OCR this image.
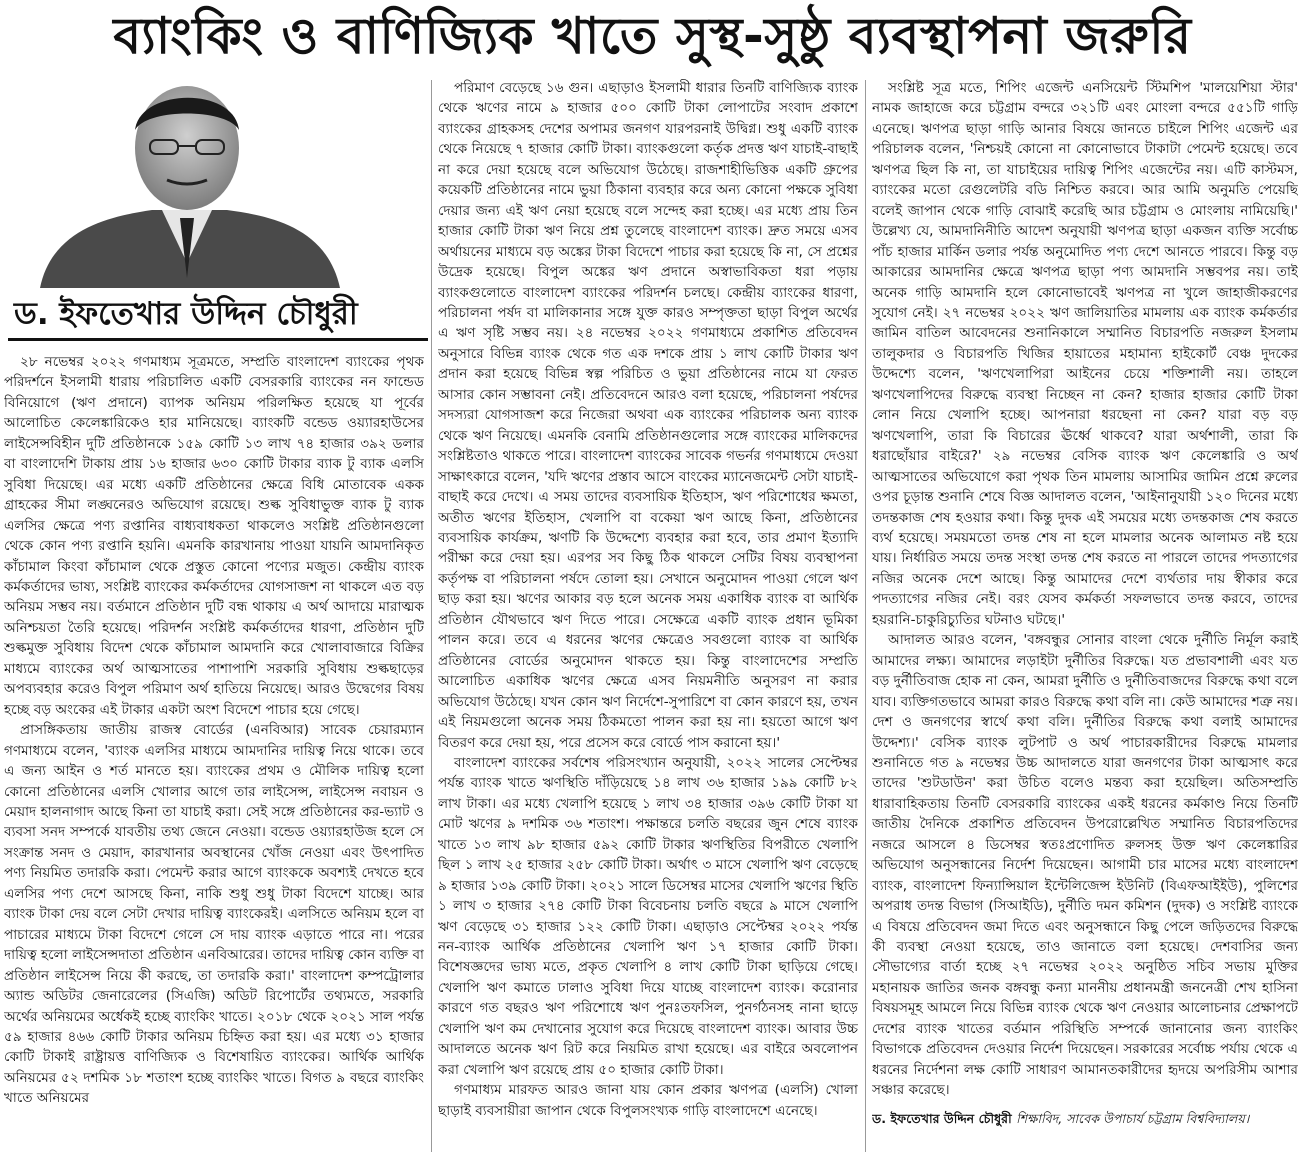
ব্যাংকিং ও বাণিজ্যিক খাতে সুস্থ-সুষ্ঠু ব্যবস্থাপনা জরুরি
ড. ইফতেখার উদ্দিন চৌধুরী

২৮ নভেম্বর ২০২২ গণমাধ্যম সূত্রমতে, সম্প্রতি বাংলাদেশ ব্যাংকের পৃথক পরিদর্শনে ইসলামী ধারায় পরিচালিত একটি বেসরকারি ব্যাংকের নন ফান্ডেড বিনিয়োগে (ঋণ প্রদানে) ব্যাপক অনিয়ম পরিলক্ষিত হয়েছে যা পূর্বের আলোচিত কেলেঙ্কারিকেও হার মানিয়েছে। ব্যাংকটি বন্ডেড ওয়্যারহাউসের লাইসেন্সবিহীন দুটি প্রতিষ্ঠানকে ১৫৯ কোটি ১৩ লাখ ৭৪ হাজার ৩৯২ ডলার বা বাংলাদেশি টাকায় প্রায় ১৬ হাজার ৬৩০ কোটি টাকার ব্যাক টু ব্যাক এলসি সুবিধা দিয়েছে। এর মধ্যে একটি প্রতিষ্ঠানের ক্ষেত্রে বিধি মোতাবেক একক গ্রাহকের সীমা লঙ্ঘনেরও অভিযোগ রয়েছে। শুল্ক সুবিধাভুক্ত ব্যাক টু ব্যাক এলসির ক্ষেত্রে পণ্য রপ্তানির বাধ্যবাধকতা থাকলেও সংশ্লিষ্ট প্রতিষ্ঠানগুলো থেকে কোন পণ্য রপ্তানি হয়নি। এমনকি কারখানায় পাওয়া যায়নি আমদানিকৃত কাঁচামাল কিংবা কাঁচামাল থেকে প্রস্তুত কোনো পণ্যের মজুত। কেন্দ্রীয় ব্যাংক কর্মকর্তাদের ভাষ্য, সংশ্লিষ্ট ব্যাংকের কর্মকর্তাদের যোগসাজশ না থাকলে এত বড় অনিয়ম সম্ভব নয়। বর্তমানে প্রতিষ্ঠান দুটি বন্ধ থাকায় এ অর্থ আদায়ে মারাত্মক অনিশ্চয়তা তৈরি হয়েছে। পরিদর্শন সংশ্লিষ্ট কর্মকর্তাদের ধারণা, প্রতিষ্ঠান দুটি শুল্কমুক্ত সুবিধায় বিদেশ থেকে কাঁচামাল আমদানি করে খোলাবাজারে বিক্রির মাধ্যমে ব্যাংকের অর্থ আত্মসাতের পাশাপাশি সরকারি সুবিধায় শুল্কছাড়ের অপব্যবহার করেও বিপুল পরিমাণ অর্থ হাতিয়ে নিয়েছে। আরও উদ্বেগের বিষয় হচ্ছে বড় অংকের এই টাকার একটা অংশ বিদেশে পাচার হয়ে গেছে।

প্রাসঙ্গিকতায় জাতীয় রাজস্ব বোর্ডের (এনবিআর) সাবেক চেয়ারম্যান গণমাধ্যমে বলেন, 'ব্যাংক এলসির মাধ্যমে আমদানির দায়িত্ব নিয়ে থাকে। তবে এ জন্য আইন ও শর্ত মানতে হয়। ব্যাংকের প্রথম ও মৌলিক দায়িত্ব হলো কোনো প্রতিষ্ঠানের এলসি খোলার আগে তার লাইসেন্স, লাইসেন্স নবায়ন ও মেয়াদ হালনাগাদ আছে কিনা তা যাচাই করা। সেই সঙ্গে প্রতিষ্ঠানের কর-ভ্যাট ও ব্যবসা সনদ সম্পর্কে যাবতীয় তথ্য জেনে নেওয়া। বন্ডেড ওয়্যারহাউজ হলে সে সংক্রান্ত সনদ ও মেয়াদ, কারখানার অবস্থানের খোঁজ নেওয়া এবং উৎপাদিত পণ্য নিয়মিত তদারকি করা। পেমেন্ট করার আগে ব্যাংককে অবশ্যই দেখতে হবে এলসির পণ্য দেশে আসছে কিনা, নাকি শুধু শুধু টাকা বিদেশে যাচ্ছে। আর ব্যাংক টাকা দেয় বলে সেটা দেখার দায়িত্ব ব্যাংকেরই। এলসিতে অনিয়ম হলে বা পাচারের মাধ্যমে টাকা বিদেশে গেলে সে দায় ব্যাংক এড়াতে পারে না। পরের দায়িত্ব হলো লাইসেন্সদাতা প্রতিষ্ঠান এনবিআরের। তাদের দায়িত্ব কোন ব্যক্তি বা প্রতিষ্ঠান লাইসেন্স নিয়ে কী করছে, তা তদারকি করা।' বাংলাদেশ কম্পট্রোলার অ্যান্ড অডিটর জেনারেলের (সিএজি) অডিট রিপোর্টের তথ্যমতে, সরকারি অর্থের অনিয়মের অর্ধেকই হচ্ছে ব্যাংকিং খাতে। ২০১৮ থেকে ২০২১ সাল পর্যন্ত ৫৯ হাজার ৪৬৬ কোটি টাকার অনিয়ম চিহ্নিত করা হয়। এর মধ্যে ৩১ হাজার কোটি টাকাই রাষ্ট্রায়ত্ত বাণিজ্যিক ও বিশেষায়িত ব্যাংকের। আর্থিক আর্থিক অনিয়মের ৫২ দশমিক ১৮ শতাংশ হচ্ছে ব্যাংকিং খাতে। বিগত ৯ বছরে ব্যাংকিং খাতে অনিয়মের

পরিমাণ বেড়েছে ১৬ গুন। এছাড়াও ইসলামী ধারার তিনটি বাণিজ্যিক ব্যাংক থেকে ঋণের নামে ৯ হাজার ৫০০ কোটি টাকা লোপাটের সংবাদ প্রকাশে ব্যাংকের গ্রাহকসহ দেশের অপামর জনগণ যারপরনাই উদ্বিগ্ন। শুধু একটি ব্যাংক থেকে নিয়েছে ৭ হাজার কোটি টাকা। ব্যাংকগুলো কর্তৃক প্রদত্ত ঋণ যাচাই-বাছাই না করে দেয়া হয়েছে বলে অভিযোগ উঠেছে। রাজশাহীভিত্তিক একটি গ্রুপের কয়েকটি প্রতিষ্ঠানের নামে ভুয়া ঠিকানা ব্যবহার করে অন্য কোনো পক্ষকে সুবিধা দেয়ার জন্য এই ঋণ নেয়া হয়েছে বলে সন্দেহ করা হচ্ছে। এর মধ্যে প্রায় তিন হাজার কোটি টাকা ঋণ নিয়ে প্রশ্ন তুলেছে বাংলাদেশ ব্যাংক। দ্রুত সময়ে এসব অর্থায়নের মাধ্যমে বড় অঙ্কের টাকা বিদেশে পাচার করা হয়েছে কি না, সে প্রশ্নের উদ্রেক হয়েছে। বিপুল অঙ্কের ঋণ প্রদানে অস্বাভাবিকতা ধরা পড়ায় ব্যাংকগুলোতে বাংলাদেশ ব্যাংকের পরিদর্শন চলছে। কেন্দ্রীয় ব্যাংকের ধারণা, পরিচালনা পর্ষদ বা মালিকানার সঙ্গে যুক্ত কারও সম্পৃক্ততা ছাড়া বিপুল অর্থের এ ঋণ সৃষ্টি সম্ভব নয়। ২৪ নভেম্বর ২০২২ গণমাধ্যমে প্রকাশিত প্রতিবেদন অনুসারে বিভিন্ন ব্যাংক থেকে গত এক দশকে প্রায় ১ লাখ কোটি টাকার ঋণ প্রদান করা হয়েছে বিভিন্ন স্বল্প পরিচিত ও ভুয়া প্রতিষ্ঠানের নামে যা ফেরত আসার কোন সম্ভাবনা নেই। প্রতিবেদনে আরও বলা হয়েছে, পরিচালনা পর্ষদের সদস্যরা যোগসাজশ করে নিজেরা অথবা এক ব্যাংকের পরিচালক অন্য ব্যাংক থেকে ঋণ নিয়েছে। এমনকি বেনামি প্রতিষ্ঠানগুলোর সঙ্গে ব্যাংকের মালিকদের সংশ্লিষ্টতাও থাকতে পারে। বাংলাদেশ ব্যাংকের সাবেক গভর্নর গণমাধ্যমে দেওয়া সাক্ষাৎকারে বলেন, 'যদি ঋণের প্রস্তাব আসে বাংকের ম্যানেজমেন্ট সেটা যাচাই-বাছাই করে দেখে। এ সময় তাদের ব্যবসায়িক ইতিহাস, ঋণ পরিশোধের ক্ষমতা, অতীত ঋণের ইতিহাস, খেলাপি বা বকেয়া ঋণ আছে কিনা, প্রতিষ্ঠানের ব্যবসায়িক কার্যক্রম, ঋণটি কি উদ্দেশ্যে ব্যবহার করা হবে, তার প্রমাণ ইত্যাদি পরীক্ষা করে দেয়া হয়। এরপর সব কিছু ঠিক থাকলে সেটির বিষয় ব্যবস্থাপনা কর্তৃপক্ষ বা পরিচালনা পর্ষদে তোলা হয়। সেখানে অনুমোদন পাওয়া গেলে ঋণ ছাড় করা হয়। ঋণের আকার বড় হলে অনেক সময় একাধিক ব্যাংক বা আর্থিক প্রতিষ্ঠান যৌথভাবে ঋণ দিতে পারে। সেক্ষেত্রে একটি ব্যাংক প্রধান ভূমিকা পালন করে। তবে এ ধরনের ঋণের ক্ষেত্রেও সবগুলো ব্যাংক বা আর্থিক প্রতিষ্ঠানের বোর্ডের অনুমোদন থাকতে হয়। কিন্তু বাংলাদেশের সম্প্রতি আলোচিত একাধিক ঋণের ক্ষেত্রে এসব নিয়মনীতি অনুসরণ না করার অভিযোগ উঠেছে। যখন কোন ঋণ নির্দেশে-সুপারিশে বা কোন কারণে হয়, তখন এই নিয়মগুলো অনেক সময় ঠিকমতো পালন করা হয় না। হয়তো আগে ঋণ বিতরণ করে দেয়া হয়, পরে প্রসেস করে বোর্ডে পাস করানো হয়।'

বাংলাদেশ ব্যাংকের সর্বশেষ পরিসংখ্যান অনুযায়ী, ২০২২ সালের সেপ্টেম্বর পর্যন্ত ব্যাংক খাতে ঋণস্থিতি দাঁড়িয়েছে ১৪ লাখ ৩৬ হাজার ১৯৯ কোটি ৮২ লাখ টাকা। এর মধ্যে খেলাপি হয়েছে ১ লাখ ৩৪ হাজার ৩৯৬ কোটি টাকা যা মোট ঋণের ৯ দশমিক ৩৬ শতাংশ। পক্ষান্তরে চলতি বছরের জুন শেষে ব্যাংক খাতে ১৩ লাখ ৯৮ হাজার ৫৯২ কোটি টাকার ঋণস্থিতির বিপরীতে খেলাপি ছিল ১ লাখ ২৫ হাজার ২৫৮ কোটি টাকা। অর্থাৎ ৩ মাসে খেলাপি ঋণ বেড়েছে ৯ হাজার ১৩৯ কোটি টাকা। ২০২১ সালে ডিসেম্বর মাসের খেলাপি ঋণের স্থিতি ১ লাখ ৩ হাজার ২৭৪ কোটি টাকা বিবেচনায় চলতি বছরে ৯ মাসে খেলাপি ঋণ বেড়েছে ৩১ হাজার ১২২ কোটি টাকা। এছাড়াও সেপ্টেম্বর ২০২২ পর্যন্ত নন-ব্যাংক আর্থিক প্রতিষ্ঠানের খেলাপি ঋণ ১৭ হাজার কোটি টাকা। বিশেষজ্ঞদের ভাষ্য মতে, প্রকৃত খেলাপি ৪ লাখ কোটি টাকা ছাড়িয়ে গেছে। খেলাপি ঋণ কমাতে ঢালাও সুবিধা দিয়ে যাচ্ছে বাংলাদেশ ব্যাংক। করোনার কারণে গত বছরও ঋণ পরিশোধে ঋণ পুনঃতফসিল, পুনর্গঠনসহ নানা ছাড়ে খেলাপি ঋণ কম দেখানোর সুযোগ করে দিয়েছে বাংলাদেশ ব্যাংক। আবার উচ্চ আদালতে অনেক ঋণ রিট করে নিয়মিত রাখা হয়েছে। এর বাইরে অবলোপন করা খেলাপি ঋণ রয়েছে প্রায় ৫০ হাজার কোটি টাকা।

গণমাধ্যম মারফত আরও জানা যায় কোন প্রকার ঋণপত্র (এলসি) খোলা ছাড়াই ব্যবসায়ীরা জাপান থেকে বিপুলসংখ্যক গাড়ি বাংলাদেশে এনেছে।

সংশ্লিষ্ট সূত্র মতে, শিপিং এজেন্ট এনসিয়েন্ট স্টিমশিপ 'মালয়েশিয়া স্টার' নামক জাহাজে করে চট্টগ্রাম বন্দরে ৩২১টি এবং মোংলা বন্দরে ৫৫১টি গাড়ি এনেছে। ঋণপত্র ছাড়া গাড়ি আনার বিষয়ে জানতে চাইলে শিপিং এজেন্ট এর পরিচালক বলেন, 'নিশ্চয়ই কোনো না কোনোভাবে টাকাটা পেমেন্ট হয়েছে। তবে ঋণপত্র ছিল কি না, তা যাচাইয়ের দায়িত্ব শিপিং এজেন্টের নয়। এটি কাস্টমস, ব্যাংকের মতো রেগুলেটরি বডি নিশ্চিত করবে। আর আমি অনুমতি পেয়েছি বলেই জাপান থেকে গাড়ি বোঝাই করেছি আর চট্টগ্রাম ও মোংলায় নামিয়েছি।' উল্লেখ্য যে, আমদানিনীতি আদেশ অনুযায়ী ঋণপত্র ছাড়া একজন ব্যক্তি সর্বোচ্চ পাঁচ হাজার মার্কিন ডলার পর্যন্ত অনুমোদিত পণ্য দেশে আনতে পারবে। কিন্তু বড় আকারের আমদানির ক্ষেত্রে ঋণপত্র ছাড়া পণ্য আমদানি সম্ভবপর নয়। তাই অনেক গাড়ি আমদানি হলে কোনোভাবেই ঋণপত্র না খুলে জাহাজীকরণের সুযোগ নেই। ২৭ নভেম্বর ২০২২ ঋণ জালিয়াতির মামলায় এক ব্যাংক কর্মকর্তার জামিন বাতিল আবেদনের শুনানিকালে সম্মানিত বিচারপতি নজরুল ইসলাম তালুকদার ও বিচারপতি খিজির হায়াতের মহামান্য হাইকোর্ট বেঞ্চ দুদকের উদ্দেশ্যে বলেন, 'ঋণখেলাপিরা আইনের চেয়ে শক্তিশালী নয়। তাহলে ঋণখেলাপিদের বিরুদ্ধে ব্যবস্থা নিচ্ছেন না কেন? হাজার হাজার কোটি টাকা লোন নিয়ে খেলাপি হচ্ছে। আপনারা ধরছেনা না কেন? যারা বড় বড় ঋণখেলাপি, তারা কি বিচারের ঊর্ধ্বে থাকবে? যারা অর্থশালী, তারা কি ধরাছোঁয়ার বাইরে?' ২৯ নভেম্বর বেসিক ব্যাংক ঋণ কেলেঙ্কারি ও অর্থ আত্মসাতের অভিযোগে করা পৃথক তিন মামলায় আসামির জামিন প্রশ্নে রুলের ওপর চূড়ান্ত শুনানি শেষে বিজ্ঞ আদালত বলেন, 'আইনানুযায়ী ১২০ দিনের মধ্যে তদন্তকাজ শেষ হওয়ার কথা। কিন্তু দুদক এই সময়ের মধ্যে তদন্তকাজ শেষ করতে ব্যর্থ হয়েছে। সময়মতো তদন্ত শেষ না হলে মামলার অনেক আলামত নষ্ট হয়ে যায়। নির্ধারিত সময়ে তদন্ত সংস্থা তদন্ত শেষ করতে না পারলে তাদের পদত্যাগের নজির অনেক দেশে আছে। কিন্তু আমাদের দেশে ব্যর্থতার দায় স্বীকার করে পদত্যাগের নজির নেই। বরং যেসব কর্মকর্তা সফলভাবে তদন্ত করবে, তাদের হয়রানি-চাকুরিচ্যুতির ঘটনাও ঘটছে।'

আদালত আরও বলেন, 'বঙ্গবন্ধুর সোনার বাংলা থেকে দুর্নীতি নির্মূল করাই আমাদের লক্ষ্য। আমাদের লড়াইটা দুর্নীতির বিরুদ্ধে। যত প্রভাবশালী এবং যত বড় দুর্নীতিবাজ হোক না কেন, আমরা দুর্নীতি ও দুর্নীতিবাজদের বিরুদ্ধে কথা বলে যাব। ব্যক্তিগতভাবে আমরা কারও বিরুদ্ধে কথা বলি না। কেউ আমাদের শত্রু নয়। দেশ ও জনগণের স্বার্থে কথা বলি। দুর্নীতির বিরুদ্ধে কথা বলাই আমাদের উদ্দেশ্য।' বেসিক ব্যাংক লুটপাট ও অর্থ পাচারকারীদের বিরুদ্ধে মামলার শুনানিতে গত ৯ নভেম্বর উচ্চ আদালতে যারা জনগণের টাকা আত্মসাৎ করে তাদের 'শুটডাউন' করা উচিত বলেও মন্তব্য করা হয়েছিল। অতিসম্প্রতি ধারাবাহিকতায় তিনটি বেসরকারি ব্যাংকের একই ধরনের কর্মকাণ্ড নিয়ে তিনটি জাতীয় দৈনিকে প্রকাশিত প্রতিবেদন উপরোল্লেখিত সম্মানিত বিচারপতিদের নজরে আসলে ৪ ডিসেম্বর স্বতঃপ্রণোদিত রুলসহ উক্ত ঋণ কেলেঙ্কারির অভিযোগ অনুসন্ধানের নির্দেশ দিয়েছেন। আগামী চার মাসের মধ্যে বাংলাদেশ ব্যাংক, বাংলাদেশ ফিন্যান্সিয়াল ইন্টেলিজেন্স ইউনিট (বিএফআইইউ), পুলিশের অপরাধ তদন্ত বিভাগ (সিআইডি), দুর্নীতি দমন কমিশন (দুদক) ও সংশ্লিষ্ট ব্যাংকে এ বিষয়ে প্রতিবেদন জমা দিতে এবং অনুসন্ধানে কিছু পেলে জড়িতদের বিরুদ্ধে কী ব্যবস্থা নেওয়া হয়েছে, তাও জানাতে বলা হয়েছে। দেশবাসির জন্য সৌভাগ্যের বার্তা হচ্ছে ২৭ নভেম্বর ২০২২ অনুষ্ঠিত সচিব সভায় মুক্তির মহানায়ক জাতির জনক বঙ্গবন্ধু কন্যা মাননীয় প্রধানমন্ত্রী জননেত্রী শেখ হাসিনা বিষয়সমূহ আমলে নিয়ে বিভিন্ন ব্যাংক থেকে ঋণ নেওয়ার আলোচনার প্রেক্ষাপটে দেশের ব্যাংক খাতের বর্তমান পরিস্থিতি সম্পর্কে জানানোর জন্য ব্যাংকিং বিভাগকে প্রতিবেদন দেওয়ার নির্দেশ দিয়েছেন। সরকারের সর্বোচ্চ পর্যায় থেকে এ ধরনের নির্দেশনা লক্ষ কোটি সাধারণ আমানতকারীদের হৃদয়ে অপরিসীম আশার সঞ্চার করেছে।

ড. ইফতেখার উদ্দিন চৌধুরী শিক্ষাবিদ, সাবেক উপাচার্য চট্টগ্রাম বিশ্ববিদ্যালয়।
